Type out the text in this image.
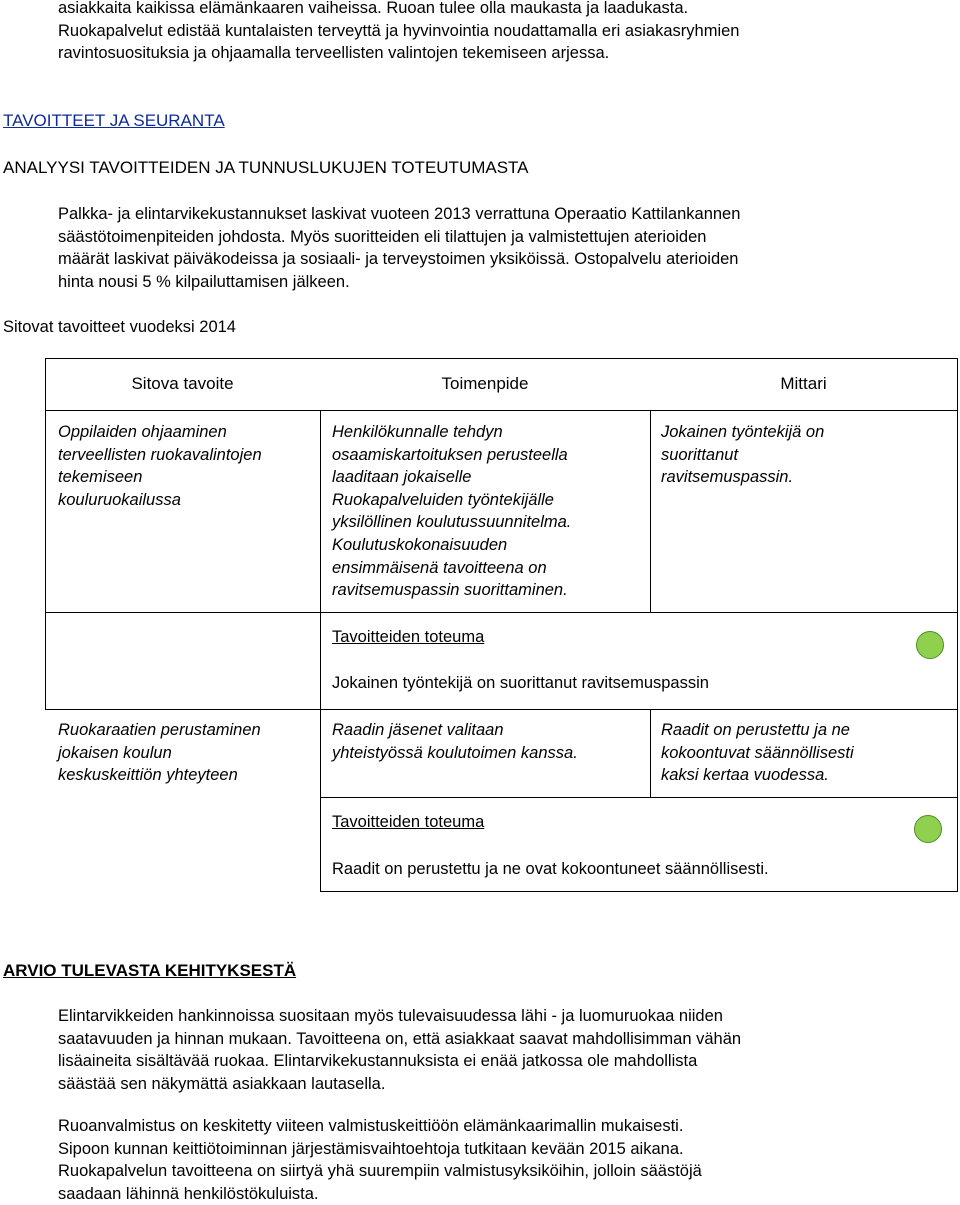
asiakkaita kaikissa elämänkaaren vaiheissa. Ruoan tulee olla maukasta ja laadukasta.
Ruokapalvelut edistää kuntalaisten terveyttä ja hyvinvointia noudattamalla eri asiakasryhmien
ravintosuosituksia ja ohjaamalla terveellisten valintojen tekemiseen arjessa.
TAVOITTEET JA SEURANTA
ANALYYSI TAVOITTEIDEN JA TUNNUSLUKUJEN TOTEUTUMASTA
Palkka- ja elintarvikekustannukset laskivat vuoteen 2013 verrattuna Operaatio Kattilankannen
säästötoimenpiteiden johdosta. Myös suoritteiden eli tilattujen ja valmistettujen aterioiden
määrät laskivat päiväkodeissa ja sosiaali- ja terveystoimen yksiköissä. Ostopalvelu aterioiden
hinta nousi 5 % kilpailuttamisen jälkeen.
Sitovat tavoitteet vuodeksi 2014
Sitova tavoite	Toimenpide	Mittari
Oppilaiden ohjaaminen
terveellisten ruokavalintojen
tekemiseen
kouluruokailussa
Henkilökunnalle tehdyn
osaamiskartoituksen perusteella
laaditaan jokaiselle
Ruokapalveluiden työntekijälle
yksilöllinen koulutussuunnitelma.
Koulutuskokonaisuuden
ensimmäisenä tavoitteena on
ravitsemuspassin suorittaminen.
Jokainen työntekijä on
suorittanut
ravitsemuspassin.
Tavoitteiden toteuma
Jokainen työntekijä on suorittanut ravitsemuspassin
Ruokaraatien perustaminen
jokaisen koulun
keskuskeittiön yhteyteen
Raadin jäsenet valitaan
yhteistyössä koulutoimen kanssa.
Raadit on perustettu ja ne
kokoontuvat säännöllisesti
kaksi kertaa vuodessa.
Tavoitteiden toteuma
Raadit on perustettu ja ne ovat kokoontuneet säännöllisesti.
ARVIO TULEVASTA KEHITYKSESTÄ
Elintarvikkeiden hankinnoissa suositaan myös tulevaisuudessa lähi - ja luomuruokaa niiden
saatavuuden ja hinnan mukaan. Tavoitteena on, että asiakkaat saavat mahdollisimman vähän
lisäaineita sisältävää ruokaa. Elintarvikekustannuksista ei enää jatkossa ole mahdollista
säästää sen näkymättä asiakkaan lautasella.
Ruoanvalmistus on keskitetty viiteen valmistuskeittiöön elämänkaarimallin mukaisesti.
Sipoon kunnan keittiötoiminnan järjestämisvaihtoehtoja tutkitaan kevään 2015 aikana.
Ruokapalvelun tavoitteena on siirtyä yhä suurempiin valmistusyksiköihin, jolloin säästöjä
saadaan lähinnä henkilöstökuluista.
